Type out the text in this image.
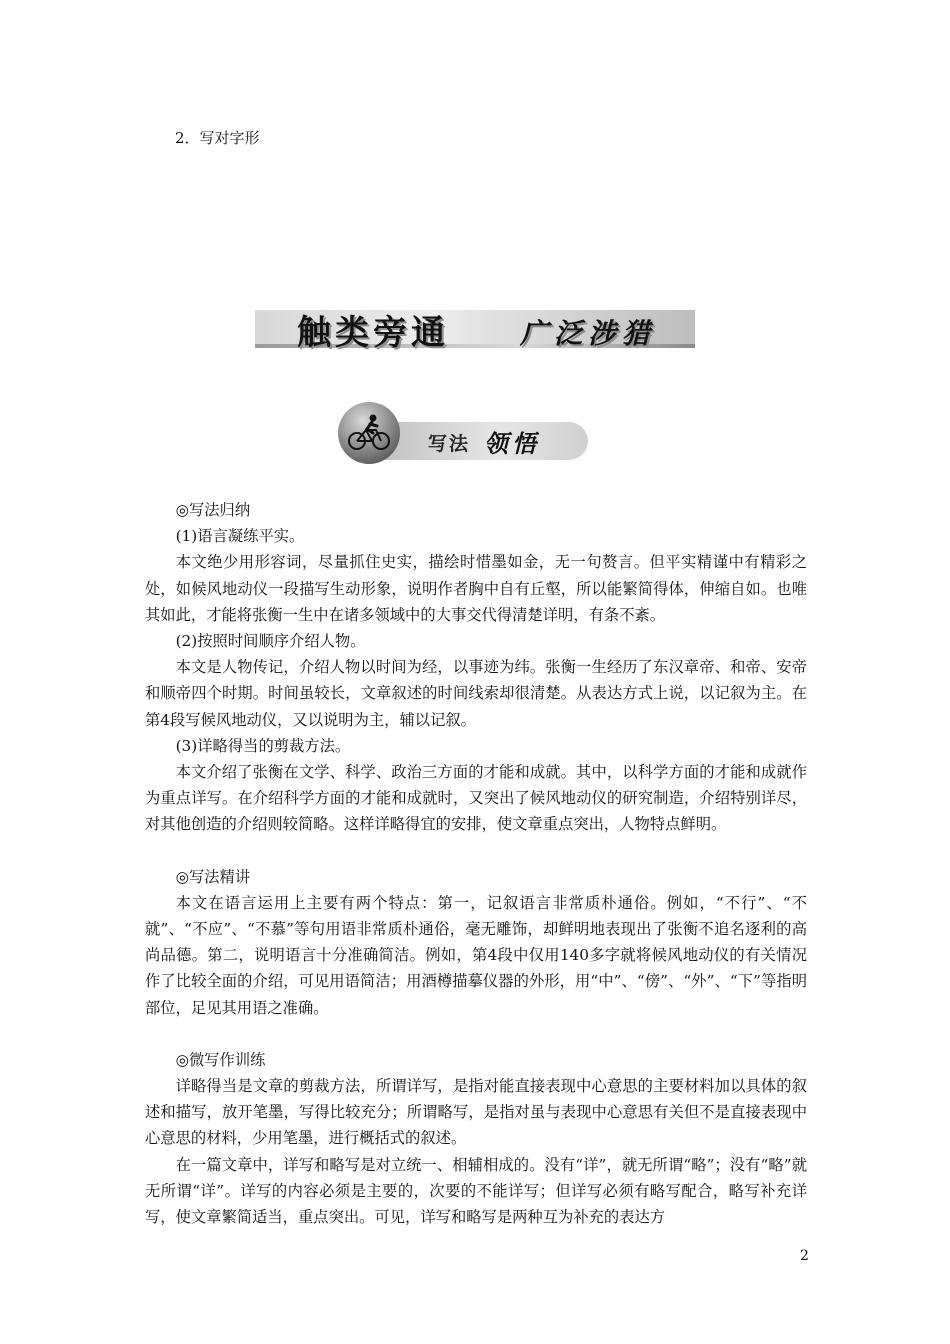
2．写对字形
触类旁通	广泛涉猎
写法 领悟

◎写法归纳

(1)语言凝练平实。

本文绝少用形容词，尽量抓住史实，描绘时惜墨如金，无一句赘言。但平实精谨中有精彩之处，如候风地动仪一段描写生动形象，说明作者胸中自有丘壑，所以能繁简得体，伸缩自如。也唯其如此，才能将张衡一生中在诸多领域中的大事交代得清楚详明，有条不紊。

(2)按照时间顺序介绍人物。

本文是人物传记，介绍人物以时间为经，以事迹为纬。张衡一生经历了东汉章帝、和帝、安帝和顺帝四个时期。时间虽较长，文章叙述的时间线索却很清楚。从表达方式上说，以记叙为主。在第4段写候风地动仪，又以说明为主，辅以记叙。

(3)详略得当的剪裁方法。

本文介绍了张衡在文学、科学、政治三方面的才能和成就。其中，以科学方面的才能和成就作为重点详写。在介绍科学方面的才能和成就时，又突出了候风地动仪的研究制造，介绍特别详尽，对其他创造的介绍则较简略。这样详略得宜的安排，使文章重点突出，人物特点鲜明。

◎写法精讲

本文在语言运用上主要有两个特点：第一，记叙语言非常质朴通俗。例如，“不行”、“不就”、“不应”、“不慕”等句用语非常质朴通俗，毫无雕饰，却鲜明地表现出了张衡不追名逐利的高尚品德。第二，说明语言十分准确简洁。例如，第4段中仅用140多字就将候风地动仪的有关情况作了比较全面的介绍，可见用语简洁；用酒樽描摹仪器的外形，用“中”、“傍”、“外”、“下”等指明部位，足见其用语之准确。

◎微写作训练

详略得当是文章的剪裁方法，所谓详写，是指对能直接表现中心意思的主要材料加以具体的叙述和描写，放开笔墨，写得比较充分；所谓略写，是指对虽与表现中心意思有关但不是直接表现中心意思的材料，少用笔墨，进行概括式的叙述。

在一篇文章中，详写和略写是对立统一、相辅相成的。没有“详”，就无所谓“略”；没有“略”就无所谓“详”。详写的内容必须是主要的，次要的不能详写；但详写必须有略写配合，略写补充详写，使文章繁简适当，重点突出。可见，详写和略写是两种互为补充的表达方

2
